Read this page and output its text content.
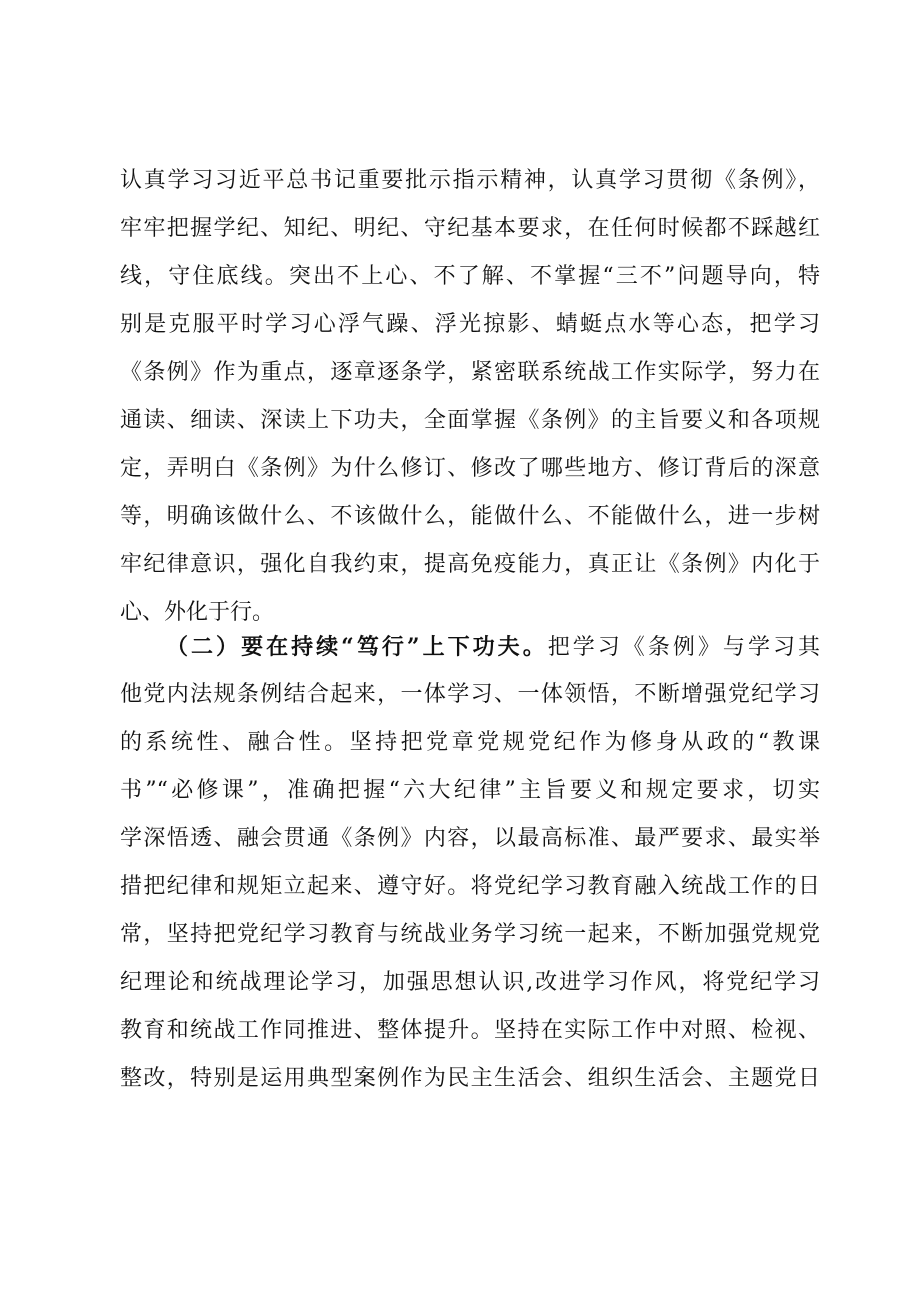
认真学习习近平总书记重要批示指示精神，认真学习贯彻《条例》，
牢牢把握学纪、知纪、明纪、守纪基本要求，在任何时候都不踩越红
线，守住底线。突出不上心、不了解、不掌握“三不”问题导向，特
别是克服平时学习心浮气躁、浮光掠影、蜻蜓点水等心态，把学习
《条例》作为重点，逐章逐条学，紧密联系统战工作实际学，努力在
通读、细读、深读上下功夫，全面掌握《条例》的主旨要义和各项规
定，弄明白《条例》为什么修订、修改了哪些地方、修订背后的深意
等，明确该做什么、不该做什么，能做什么、不能做什么，进一步树
牢纪律意识，强化自我约束，提高免疫能力，真正让《条例》内化于
心、外化于行。
（二）要在持续“笃行”上下功夫。把学习《条例》与学习其
他党内法规条例结合起来，一体学习、一体领悟，不断增强党纪学习
的系统性、融合性。坚持把党章党规党纪作为修身从政的“教课
书”“必修课”，准确把握“六大纪律”主旨要义和规定要求，切实
学深悟透、融会贯通《条例》内容，以最高标准、最严要求、最实举
措把纪律和规矩立起来、遵守好。将党纪学习教育融入统战工作的日
常，坚持把党纪学习教育与统战业务学习统一起来，不断加强党规党
纪理论和统战理论学习，加强思想认识,改进学习作风，将党纪学习
教育和统战工作同推进、整体提升。坚持在实际工作中对照、检视、
整改，特别是运用典型案例作为民主生活会、组织生活会、主题党日
